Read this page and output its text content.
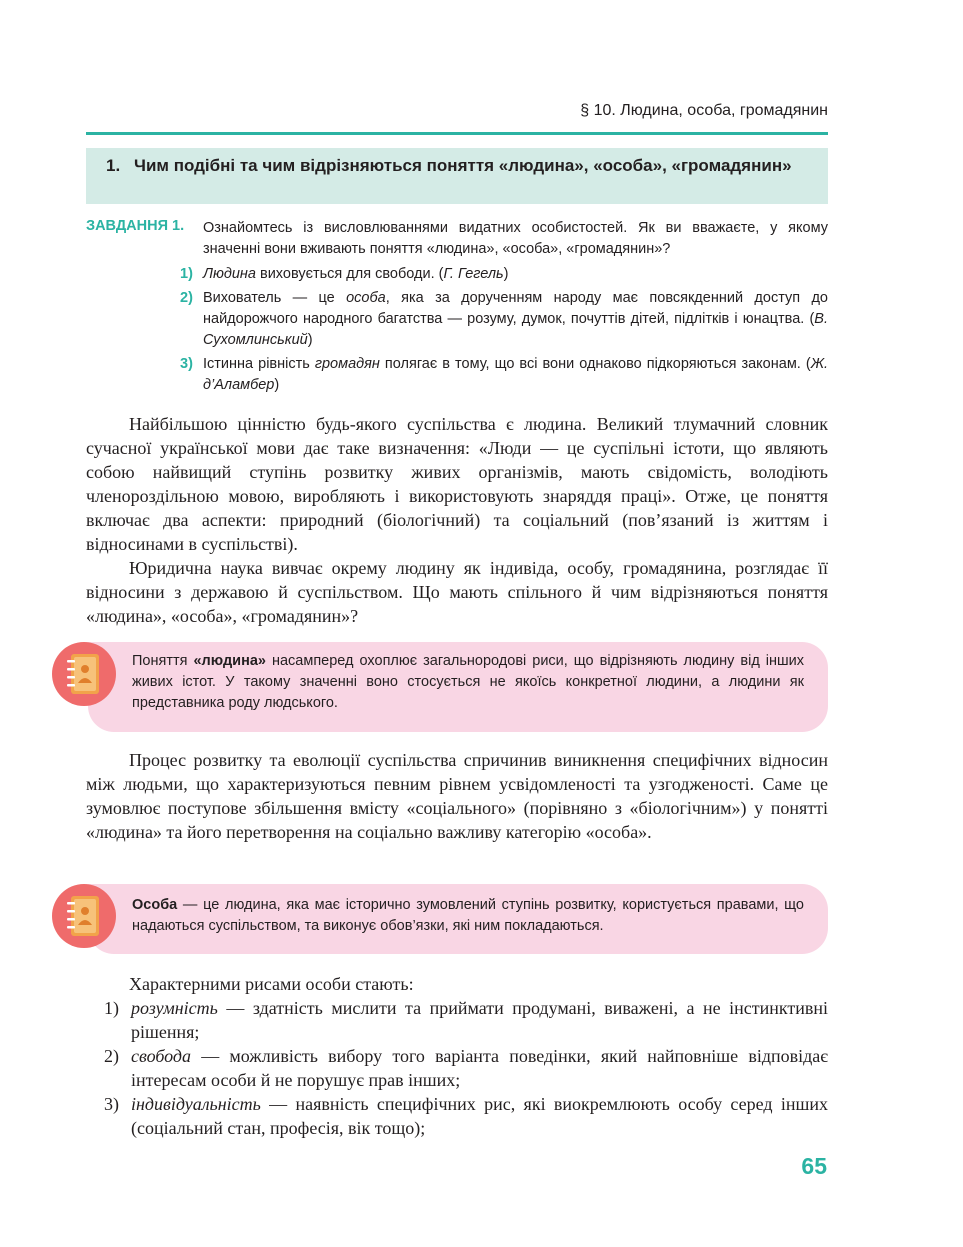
§ 10. Людина, особа, громадянин
1. Чим подібні та чим відрізняються поняття «людина», «особа», «громадянин»
ЗАВДАННЯ 1. Ознайомтесь із висловлюваннями видатних особистостей. Як ви вважаєте, у якому значенні вони вживають поняття «людина», «особа», «громадянин»?
1) Людина виховується для свободи. (Г. Гегель)
2) Вихователь — це особа, яка за дорученням народу має повсякденний доступ до найдорожчого народного багатства — розуму, думок, почуттів дітей, підлітків і юнацтва. (В. Сухомлинський)
3) Істинна рівність громадян полягає в тому, що всі вони однаково підкоряються законам. (Ж. д’Аламбер)
Найбільшою цінністю будь-якого суспільства є людина. Великий тлумачний словник сучасної української мови дає таке визначення: «Люди — це суспільні істоти, що являють собою найвищий ступінь розвитку живих організмів, мають свідомість, володіють членороздільною мовою, виробляють і використовують знаряддя праці». Отже, це поняття включає два аспекти: природний (біологічний) та соціальний (пов’язаний із життям і відносинами в суспільстві).
Юридична наука вивчає окрему людину як індивіда, особу, громадянина, розглядає її відносини з державою й суспільством. Що мають спільного й чим відрізняються поняття «людина», «особа», «громадянин»?
Поняття «людина» насамперед охоплює загальнородові риси, що відрізняють людину від інших живих істот. У такому значенні воно стосується не якоїсь конкретної людини, а людини як представника роду людського.
Процес розвитку та еволюції суспільства спричинив виникнення специфічних відносин між людьми, що характеризуються певним рівнем усвідомленості та узгодженості. Саме це зумовлює поступове збільшення вмісту «соціального» (порівняно з «біологічним») у понятті «людина» та його перетворення на соціально важливу категорію «особа».
Особа — це людина, яка має історично зумовлений ступінь розвитку, користується правами, що надаються суспільством, та виконує обов’язки, які ним покладаються.
Характерними рисами особи стають:
1) розумність — здатність мислити та приймати продумані, виважені, а не інстинктивні рішення;
2) свобода — можливість вибору того варіанта поведінки, який найповніше відповідає інтересам особи й не порушує прав інших;
3) індивідуальність — наявність специфічних рис, які виокремлюють особу серед інших (соціальний стан, професія, вік тощо);
65
